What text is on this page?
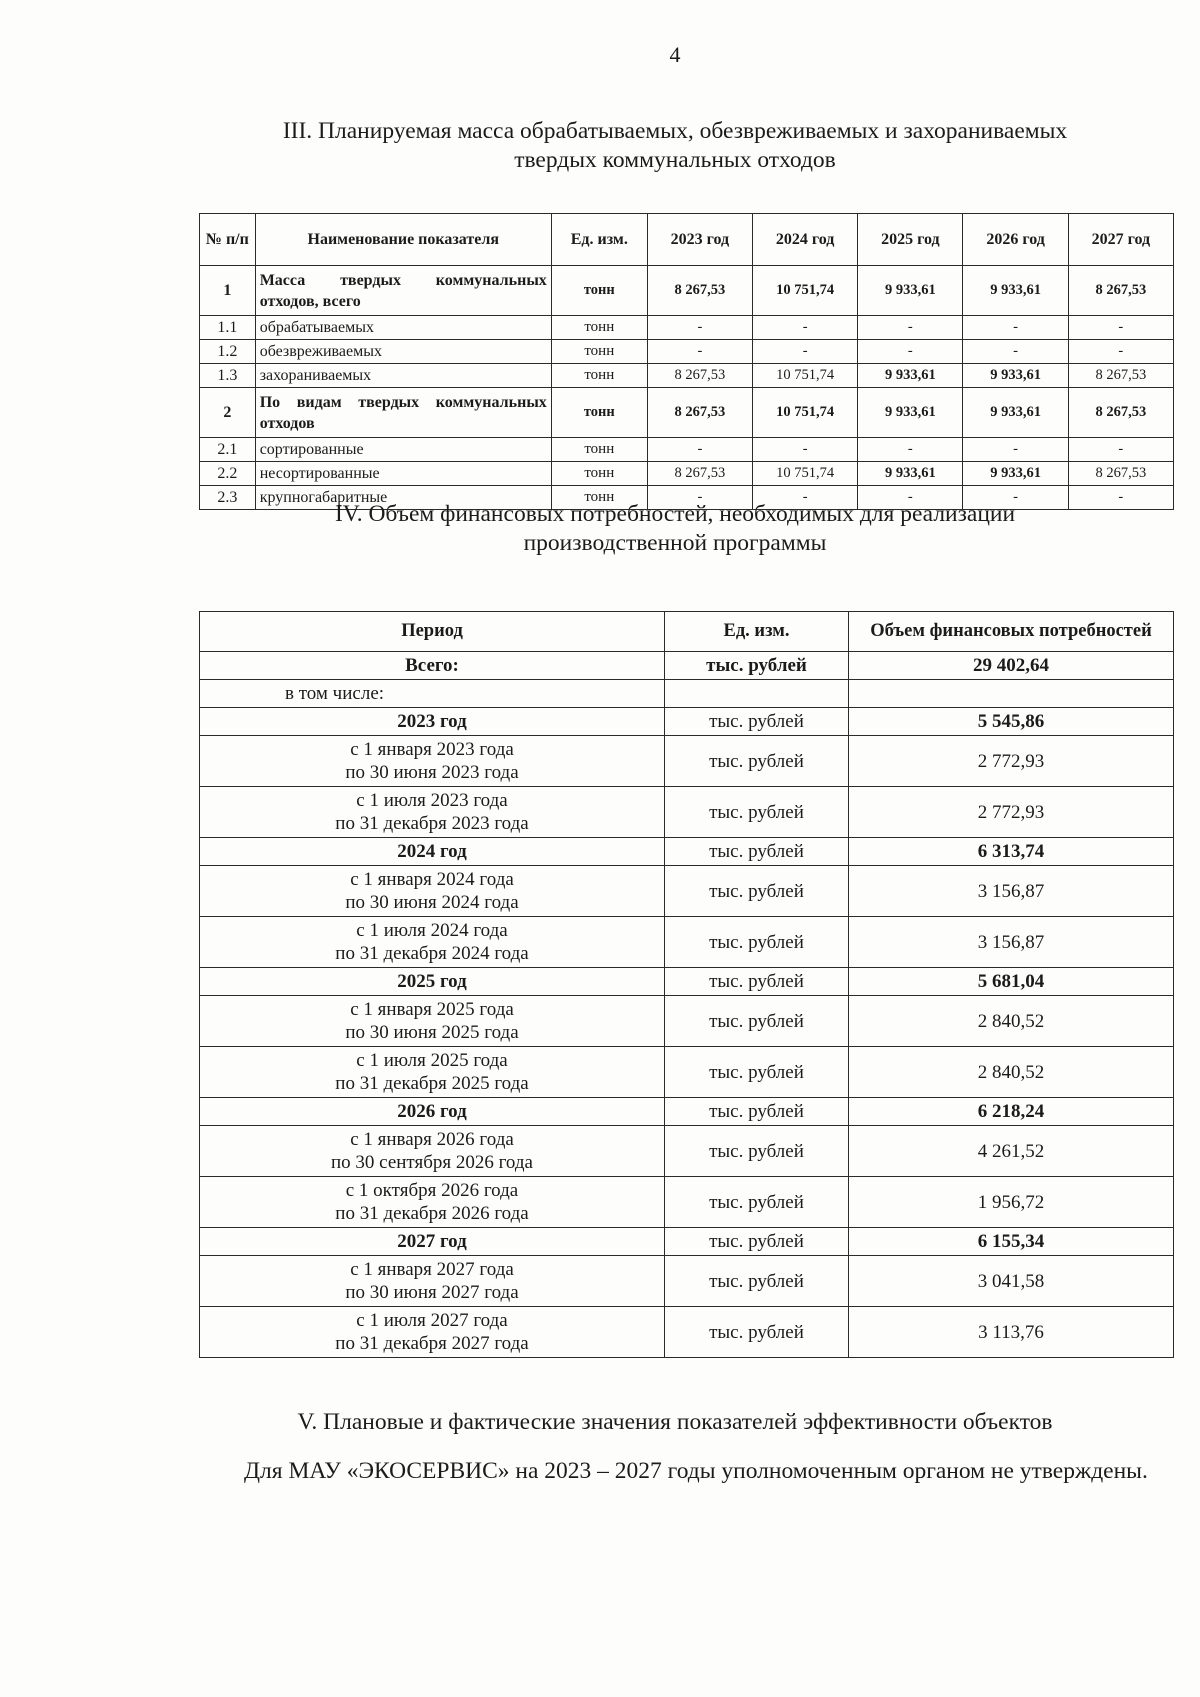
4
III. Планируемая масса обрабатываемых, обезвреживаемых и захораниваемых
твердых коммунальных отходов
№ п/п	Наименование показателя	Ед. изм.	2023 год	2024 год	2025 год	2026 год	2027 год
1	Масса твердых коммунальных отходов, всего	тонн	8 267,53	10 751,74	9 933,61	9 933,61	8 267,53
1.1	обрабатываемых	тонн	-	-	-	-	-
1.2	обезвреживаемых	тонн	-	-	-	-	-
1.3	захораниваемых	тонн	8 267,53	10 751,74	9 933,61	9 933,61	8 267,53
2	По видам твердых коммунальных отходов	тонн	8 267,53	10 751,74	9 933,61	9 933,61	8 267,53
2.1	сортированные	тонн	-	-	-	-	-
2.2	несортированные	тонн	8 267,53	10 751,74	9 933,61	9 933,61	8 267,53
2.3	крупногабаритные	тонн	-	-	-	-	-
IV. Объем финансовых потребностей, необходимых для реализации
производственной программы
Период	Ед. изм.	Объем финансовых потребностей
Всего:	тыс. рублей	29 402,64
в том числе:		
2023 год	тыс. рублей	5 545,86

с 1 января 2023 года
по 30 июня 2023 года	тыс. рублей	2 772,93

с 1 июля 2023 года
по 31 декабря 2023 года	тыс. рублей	2 772,93
2024 год	тыс. рублей	6 313,74

с 1 января 2024 года
по 30 июня 2024 года	тыс. рублей	3 156,87

с 1 июля 2024 года
по 31 декабря 2024 года	тыс. рублей	3 156,87
2025 год	тыс. рублей	5 681,04

с 1 января 2025 года
по 30 июня 2025 года	тыс. рублей	2 840,52

с 1 июля 2025 года
по 31 декабря 2025 года	тыс. рублей	2 840,52
2026 год	тыс. рублей	6 218,24

с 1 января 2026 года
по 30 сентября 2026 года	тыс. рублей	4 261,52

с 1 октября 2026 года
по 31 декабря 2026 года	тыс. рублей	1 956,72
2027 год	тыс. рублей	6 155,34

с 1 января 2027 года
по 30 июня 2027 года	тыс. рублей	3 041,58

с 1 июля 2027 года
по 31 декабря 2027 года	тыс. рублей	3 113,76
V. Плановые и фактические значения показателей эффективности объектов
Для МАУ «ЭКОСЕРВИС» на 2023 – 2027 годы уполномоченным органом не утверждены.
